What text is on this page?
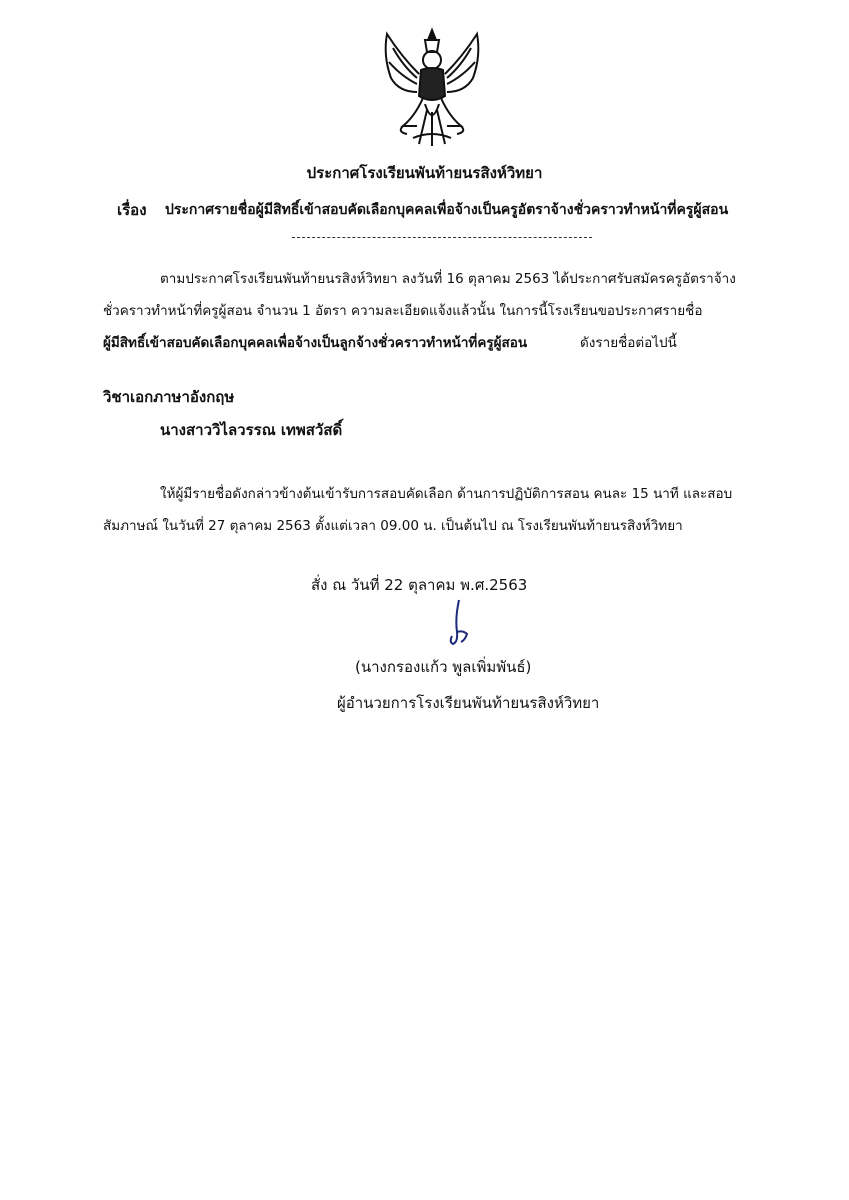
ประกาศโรงเรียนพันท้ายนรสิงห์วิทยา
เรื่อง ประกาศรายชื่อผู้มีสิทธิ์เข้าสอบคัดเลือกบุคคลเพื่อจ้างเป็นครูอัตราจ้างชั่วคราวทำหน้าที่ครูผู้สอน
ตามประกาศโรงเรียนพันท้ายนรสิงห์วิทยา ลงวันที่ 16 ตุลาคม 2563 ได้ประกาศรับสมัครครูอัตราจ้าง
ชั่วคราวทำหน้าที่ครูผู้สอน จำนวน 1 อัตรา ความละเอียดแจ้งแล้วนั้น ในการนี้โรงเรียนขอประกาศรายชื่อ
ผู้มีสิทธิ์เข้าสอบคัดเลือกบุคคลเพื่อจ้างเป็นลูกจ้างชั่วคราวทำหน้าที่ครูผู้สอน	ดังรายชื่อต่อไปนี้
วิชาเอกภาษาอังกฤษ
นางสาววิไลวรรณ เทพสวัสดิ์
ให้ผู้มีรายชื่อดังกล่าวข้างต้นเข้ารับการสอบคัดเลือก ด้านการปฏิบัติการสอน คนละ 15 นาที และสอบ
สัมภาษณ์ ในวันที่ 27 ตุลาคม 2563 ตั้งแต่เวลา 09.00 น. เป็นต้นไป ณ โรงเรียนพันท้ายนรสิงห์วิทยา
สั่ง ณ วันที่ 22 ตุลาคม พ.ศ.2563
(นางกรองแก้ว พูลเพิ่มพันธ์)
ผู้อำนวยการโรงเรียนพันท้ายนรสิงห์วิทยา
